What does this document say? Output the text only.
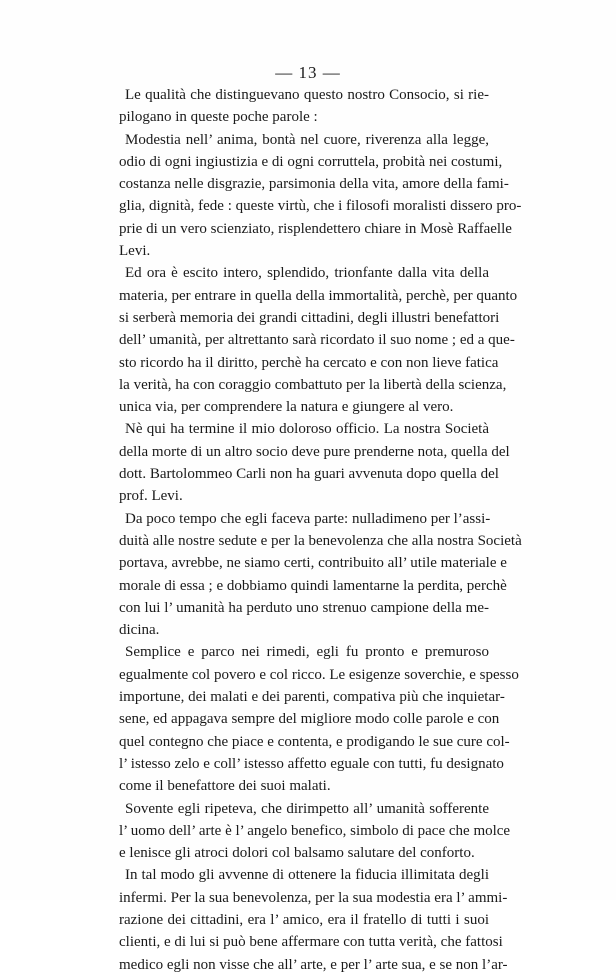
— 13 —
Le qualità che distinguevano questo nostro Consocio, si rie-
pilogano in queste poche parole :
Modestia nell’ anima, bontà nel cuore, riverenza alla legge,
odio di ogni ingiustizia e di ogni corruttela, probità nei costumi,
costanza nelle disgrazie, parsimonia della vita, amore della fami-
glia, dignità, fede : queste virtù, che i filosofi moralisti dissero pro-
prie di un vero scienziato, risplendettero chiare in Mosè Raffaelle
Levi.
Ed ora è escito intero, splendido, trionfante dalla vita della
materia, per entrare in quella della immortalità, perchè, per quanto
si serberà memoria dei grandi cittadini, degli illustri benefattori
dell’ umanità, per altrettanto sarà ricordato il suo nome ; ed a que-
sto ricordo ha il diritto, perchè ha cercato e con non lieve fatica
la verità, ha con coraggio combattuto per la libertà della scienza,
unica via, per comprendere la natura e giungere al vero.
Nè qui ha termine il mio doloroso officio. La nostra Società
della morte di un altro socio deve pure prenderne nota, quella del
dott. Bartolommeo Carli non ha guari avvenuta dopo quella del
prof. Levi.
Da poco tempo che egli faceva parte: nulladimeno per l’assi-
duità alle nostre sedute e per la benevolenza che alla nostra Società
portava, avrebbe, ne siamo certi, contribuito all’ utile materiale e
morale di essa ; e dobbiamo quindi lamentarne la perdita, perchè
con lui l’ umanità ha perduto uno strenuo campione della me-
dicina.
Semplice e parco nei rimedi, egli fu pronto e premuroso
egualmente col povero e col ricco. Le esigenze soverchie, e spesso
importune, dei malati e dei parenti, compativa più che inquietar-
sene, ed appagava sempre del migliore modo colle parole e con
quel contegno che piace e contenta, e prodigando le sue cure col-
l’ istesso zelo e coll’ istesso affetto eguale con tutti, fu designato
come il benefattore dei suoi malati.
Sovente egli ripeteva, che dirimpetto all’ umanità sofferente
l’ uomo dell’ arte è l’ angelo benefico, simbolo di pace che molce
e lenisce gli atroci dolori col balsamo salutare del conforto.
In tal modo gli avvenne di ottenere la fiducia illimitata degli
infermi. Per la sua benevolenza, per la sua modestia era l’ ammi-
razione dei cittadini, era l’ amico, era il fratello di tutti i suoi
clienti, e di lui si può bene affermare con tutta verità, che fattosi
medico egli non visse che all’ arte, e per l’ arte sua, e se non l’ar-
